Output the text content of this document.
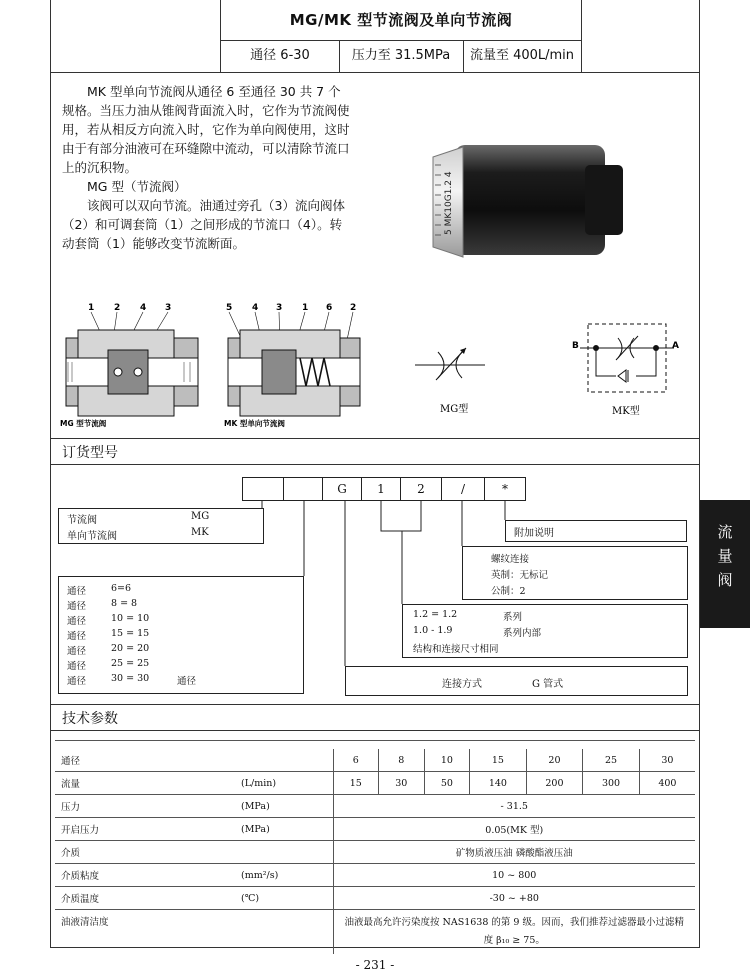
MG/MK 型节流阀及单向节流阀
通径 6-30	压力至 31.5MPa	流量至 400L/min

MK 型单向节流阀从通径 6 至通径 30 共 7 个规格。当压力油从锥阀背面流入时，它作为节流阀使用，若从相反方向流入时，它作为单向阀使用，这时由于有部分油液可在环缝隙中流动，可以清除节流口上的沉积物。

MG 型（节流阀）

该阀可以双向节流。油通过旁孔（3）流向阀体（2）和可调套筒（1）之间形成的节流口（4）。转动套筒（1）能够改变节流断面。

5 MK10G1.2 4
1 2 4 3
MG 型节流阀
5 4 3 1 6 2
MK 型单向节流阀
MG型
B	A
MK型
订货型号
G	1	2	/	*
节流阀	MG
单向节流阀	MK
通径	6=6
通径	8 = 8
通径	10 = 10
通径	15 = 15
通径	20 = 20
通径	25 = 25
通径	30 = 30	通径
附加说明
螺纹连接
英制：无标记
公制：2
1.2 = 1.2	系列
1.0 - 1.9	系列内部
结构和连接尺寸相同
连接方式	G 管式
技术参数
通径		6	8	10	15	20	25	30
流量	(L/min)	15	30	50	140	200	300	400
压力	(MPa)	- 31.5						
开启压力	(MPa)	0.05(MK 型)						
介质		矿物质液压油 磷酸酯液压油						
介质粘度	(mm²/s)	10 ~ 800						
介质温度	(℃)	-30 ~ +80						
油液清洁度		油液最高允许污染度按 NAS1638 的第 9 级。因而，我们推荐过滤器最小过滤精
度 β₁₀ ≥ 75。						
流
量
阀
- 231 -
